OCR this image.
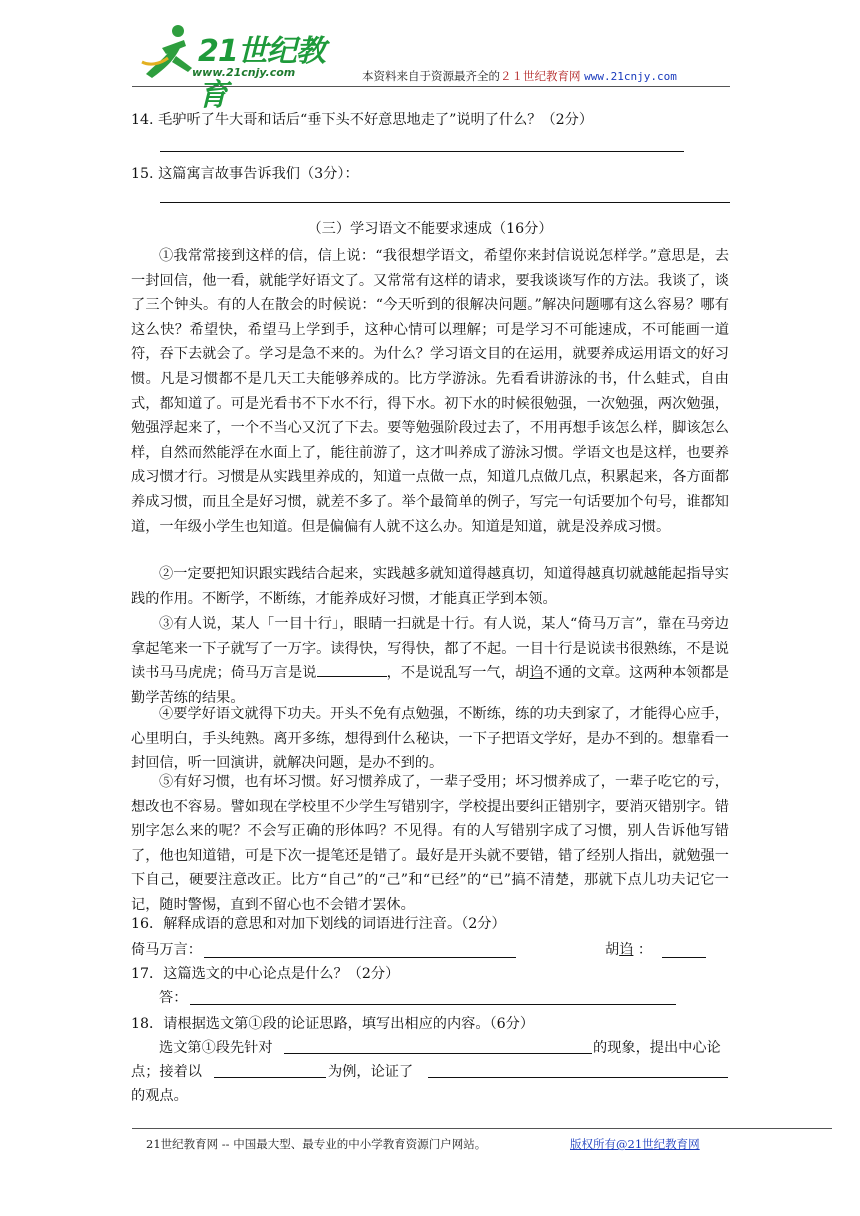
21世纪教育
www.21cnjy.com	本资料来自于资源最齐全的２１世纪教育网 www.21cnjy.com
14. 毛驴听了牛大哥和话后“垂下头不好意思地走了”说明了什么？（2分）
15. 这篇寓言故事告诉我们（3分）：
（三）学习语文不能要求速成（16分）
①我常常接到这样的信，信上说：“我很想学语文，希望你来封信说说怎样学。”意思是，去一封回信，他一看，就能学好语文了。又常常有这样的请求，要我谈谈写作的方法。我谈了，谈了三个钟头。有的人在散会的时候说：“今天听到的很解决问题。”解决问题哪有这么容易？哪有这么快？希望快，希望马上学到手，这种心情可以理解；可是学习不可能速成，不可能画一道符，吞下去就会了。学习是急不来的。为什么？学习语文目的在运用，就要养成运用语文的好习惯。凡是习惯都不是几天工夫能够养成的。比方学游泳。先看看讲游泳的书，什么蛙式，自由式，都知道了。可是光看书不下水不行，得下水。初下水的时候很勉强，一次勉强，两次勉强，勉强浮起来了，一个不当心又沉了下去。要等勉强阶段过去了，不用再想手该怎么样，脚该怎么样，自然而然能浮在水面上了，能往前游了，这才叫养成了游泳习惯。学语文也是这样，也要养成习惯才行。习惯是从实践里养成的，知道一点做一点，知道几点做几点，积累起来，各方面都养成习惯，而且全是好习惯，就差不多了。举个最简单的例子，写完一句话要加个句号，谁都知道，一年级小学生也知道。但是偏偏有人就不这么办。知道是知道，就是没养成习惯。
②一定要把知识跟实践结合起来，实践越多就知道得越真切，知道得越真切就越能起指导实践的作用。不断学，不断练，才能养成好习惯，才能真正学到本领。
③有人说，某人「一目十行」，眼睛一扫就是十行。有人说，某人“倚马万言”，靠在马旁边拿起笔来一下子就写了一万字。读得快，写得快，都了不起。一目十行是说读书很熟练，不是说读书马马虎虎；倚马万言是说	，不是说乱写一气，胡诌不通的文章。这两种本领都是勤学苦练的结果。
④要学好语文就得下功夫。开头不免有点勉强，不断练，练的功夫到家了，才能得心应手，心里明白，手头纯熟。离开多练，想得到什么秘诀，一下子把语文学好，是办不到的。想靠看一封回信，听一回演讲，就解决问题，是办不到的。
⑤有好习惯，也有坏习惯。好习惯养成了，一辈子受用；坏习惯养成了，一辈子吃它的亏，想改也不容易。譬如现在学校里不少学生写错别字，学校提出要纠正错别字，要消灭错别字。错别字怎么来的呢？不会写正确的形体吗？不见得。有的人写错别字成了习惯，别人告诉他写错了，他也知道错，可是下次一提笔还是错了。最好是开头就不要错，错了经别人指出，就勉强一下自己，硬要注意改正。比方“自己”的“己”和“已经”的“已”搞不清楚，那就下点儿功夫记它一记，随时警惕，直到不留心也不会错才罢休。
16．解释成语的意思和对加下划线的词语进行注音。（2分）
倚马万言：	胡诌 ：
17．这篇选文的中心论点是什么？（2分）
答：
18．请根据选文第①段的论证思路，填写出相应的内容。（6分）
选文第①段先针对	的现象，提出中心论
点；接着以	为例，论证了
的观点。
21世纪教育网 -- 中国最大型、最专业的中小学教育资源门户网站。	版权所有@21世纪教育网
